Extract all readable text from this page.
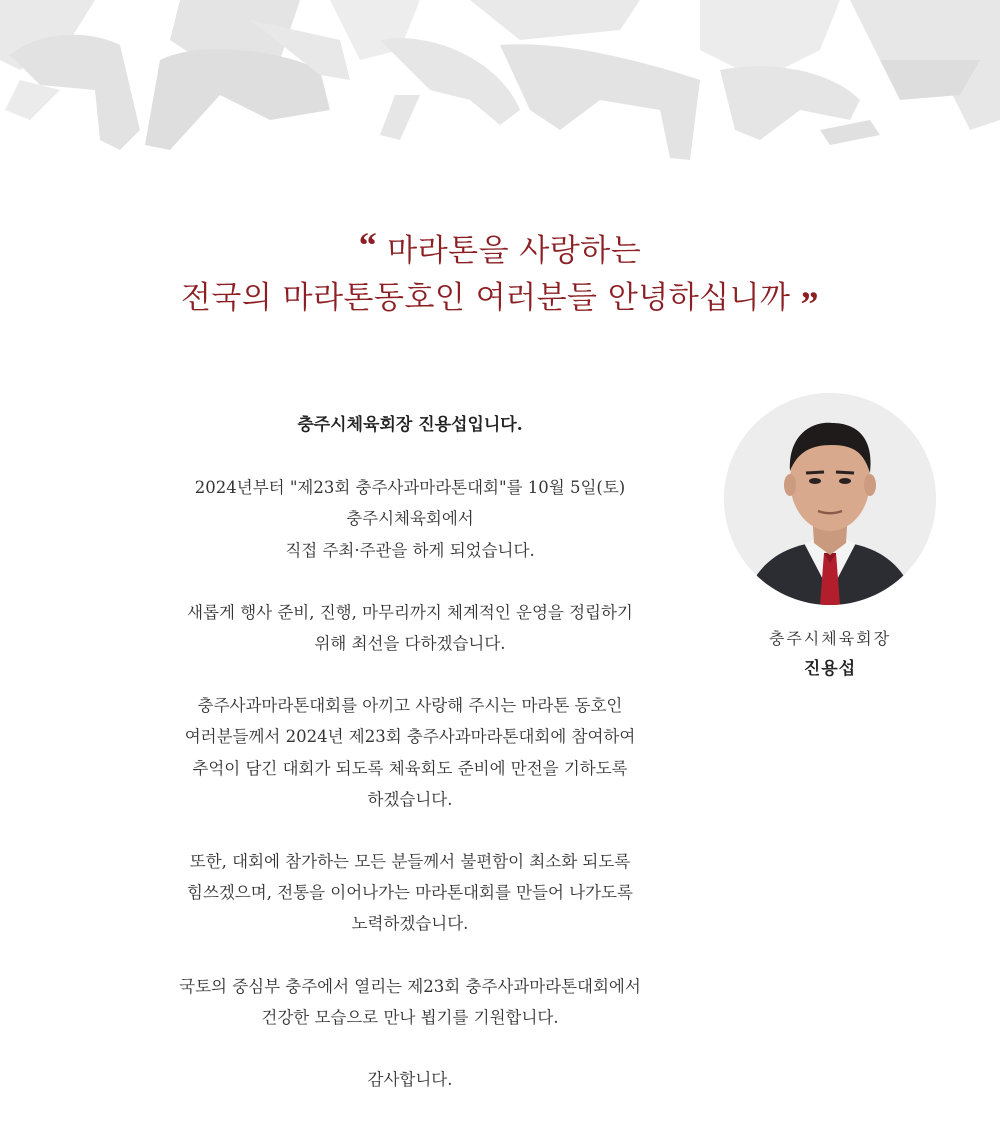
“ 마라톤을 사랑하는
전국의 마라톤동호인 여러분들 안녕하십니까 ”

충주시체육회장 진용섭입니다.

2024년부터 "제23회 충주사과마라톤대회"를 10월 5일(토)
충주시체육회에서
직접 주최·주관을 하게 되었습니다.

새롭게 행사 준비, 진행, 마무리까지 체계적인 운영을 정립하기
위해 최선을 다하겠습니다.

충주사과마라톤대회를 아끼고 사랑해 주시는 마라톤 동호인
여러분들께서 2024년 제23회 충주사과마라톤대회에 참여하여
추억이 담긴 대회가 되도록 체육회도 준비에 만전을 기하도록
하겠습니다.

또한, 대회에 참가하는 모든 분들께서 불편함이 최소화 되도록
힘쓰겠으며, 전통을 이어나가는 마라톤대회를 만들어 나가도록
노력하겠습니다.

국토의 중심부 충주에서 열리는 제23회 충주사과마라톤대회에서
건강한 모습으로 만나 뵙기를 기원합니다.

감사합니다.

충주시체육회장
진용섭
